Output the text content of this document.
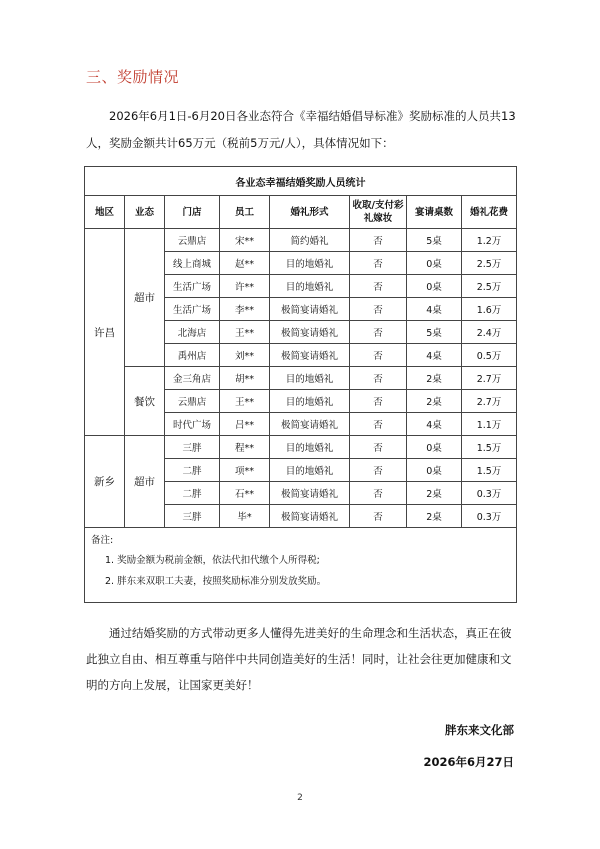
三、奖励情况
2026年6月1日-6月20日各业态符合《幸福结婚倡导标准》奖励标准的人员共13人，奖励金额共计65万元（税前5万元/人），具体情况如下：
各业态幸福结婚奖励人员统计							
地区	业态	门店	员工	婚礼形式	收取/支付彩礼嫁妆	宴请桌数	婚礼花费
许昌	超市	云鼎店	宋**	简约婚礼	否	5桌	1.2万
		线上商城	赵**	目的地婚礼	否	0桌	2.5万
		生活广场	许**	目的地婚礼	否	0桌	2.5万
		生活广场	李**	极简宴请婚礼	否	4桌	1.6万
		北海店	王**	极简宴请婚礼	否	5桌	2.4万
		禹州店	刘**	极简宴请婚礼	否	4桌	0.5万
	餐饮	金三角店	胡**	目的地婚礼	否	2桌	2.7万
		云鼎店	王**	目的地婚礼	否	2桌	2.7万
		时代广场	吕**	极简宴请婚礼	否	4桌	1.1万
新乡	超市	三胖	程**	目的地婚礼	否	0桌	1.5万
		二胖	项**	目的地婚礼	否	0桌	1.5万
		二胖	石**	极简宴请婚礼	否	2桌	0.3万
		三胖	毕*	极简宴请婚礼	否	2桌	0.3万

备注:
1. 奖励金额为税前金额，依法代扣代缴个人所得税;
2. 胖东来双职工夫妻，按照奖励标准分别发放奖励。							
通过结婚奖励的方式带动更多人懂得先进美好的生命理念和生活状态，真正在彼此独立自由、相互尊重与陪伴中共同创造美好的生活！同时，让社会往更加健康和文明的方向上发展，让国家更美好！
胖东来文化部
2026年6月27日
2
